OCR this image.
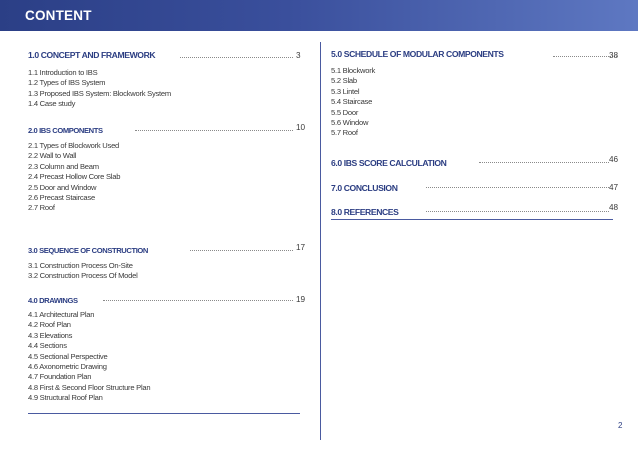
CONTENT
1.0 CONCEPT AND FRAMEWORK	3
1.1 Introduction to IBS
1.2 Types of IBS System
1.3 Proposed IBS System: Blockwork System
1.4 Case study
2.0 IBS COMPONENTS	10
2.1 Types of Blockwork Used
2.2 Wall to Wall
2.3 Column and Beam
2.4 Precast Hollow Core Slab
2.5 Door and Window
2.6 Precast Staircase
2.7 Roof
3.0 SEQUENCE OF CONSTRUCTION	17
3.1 Construction Process On-Site
3.2 Construction Process Of Model
4.0 DRAWINGS	19
4.1 Architectural Plan
4.2 Roof Plan
4.3 Elevations
4.4 Sections
4.5 Sectional Perspective
4.6 Axonometric Drawing
4.7 Foundation Plan
4.8 First & Second Floor Structure Plan
4.9 Structural Roof Plan
5.0 SCHEDULE OF MODULAR COMPONENTS	38
5.1 Blockwork
5.2 Slab
5.3 Lintel
5.4 Staircase
5.5 Door
5.6 Window
5.7 Roof
6.0 IBS SCORE CALCULATION	46
7.0 CONCLUSION	47
8.0 REFERENCES	48
2
